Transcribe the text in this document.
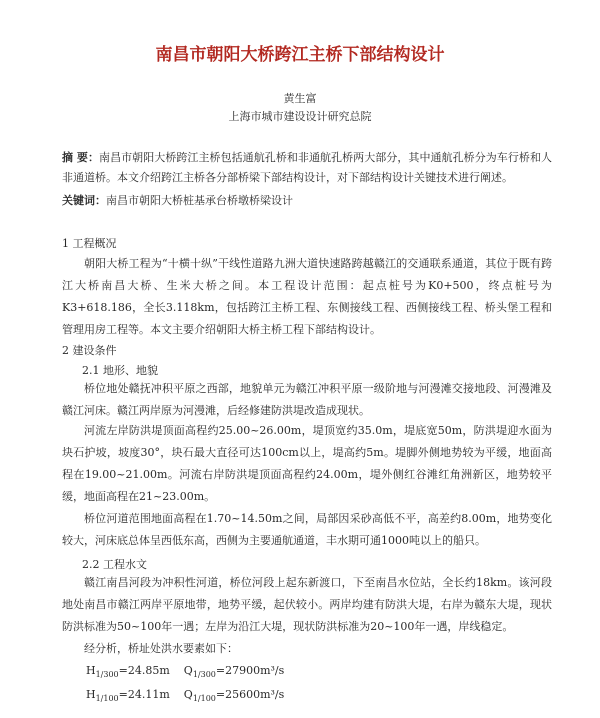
南昌市朝阳大桥跨江主桥下部结构设计
黄生富
上海市城市建设设计研究总院
摘 要：南昌市朝阳大桥跨江主桥包括通航孔桥和非通航孔桥两大部分，其中通航孔桥分为车行桥和人非通道桥。本文介绍跨江主桥各分部桥梁下部结构设计，对下部结构设计关键技术进行阐述。
关键词：南昌市朝阳大桥桩基承台桥墩桥梁设计
1 工程概况
朝阳大桥工程为“十横十纵”干线性道路九洲大道快速路跨越赣江的交通联系通道，其位于既有跨江大桥南昌大桥、生米大桥之间。本工程设计范围：起点桩号为K0+500，终点桩号为K3+618.186，全长3.118km，包括跨江主桥工程、东侧接线工程、西侧接线工程、桥头堡工程和管理用房工程等。本文主要介绍朝阳大桥主桥工程下部结构设计。
2 建设条件
2.1 地形、地貌
桥位地处赣抚冲积平原之西部，地貌单元为赣江冲积平原一级阶地与河漫滩交接地段、河漫滩及赣江河床。赣江两岸原为河漫滩，后经修建防洪堤改造成现状。
河流左岸防洪堤顶面高程约25.00~26.00m，堤顶宽约35.0m，堤底宽50m，防洪堤迎水面为块石护坡，坡度30°，块石最大直径可达100cm以上，堤高约5m。堤脚外侧地势较为平缓，地面高程在19.00~21.00m。河流右岸防洪堤顶面高程约24.00m，堤外侧红谷滩红角洲新区，地势较平缓，地面高程在21~23.00m。
桥位河道范围地面高程在1.70~14.50m之间，局部因采砂高低不平，高差约8.00m，地势变化较大，河床底总体呈西低东高，西侧为主要通航通道，丰水期可通1000吨以上的船只。
2.2 工程水文
赣江南昌河段为冲积性河道，桥位河段上起东新渡口，下至南昌水位站，全长约18km。该河段地处南昌市赣江两岸平原地带，地势平缓，起伏较小。两岸均建有防洪大堤，右岸为赣东大堤，现状防洪标准为50~100年一遇；左岸为沿江大堤，现状防洪标准为20~100年一遇，岸线稳定。
经分析，桥址处洪水要素如下：
$H_{1/300}=24.85m$    $Q_{1/300}=27900m^3/s$
$H_{1/100}=24.11m$    $Q_{1/100}=25600m^3/s$
